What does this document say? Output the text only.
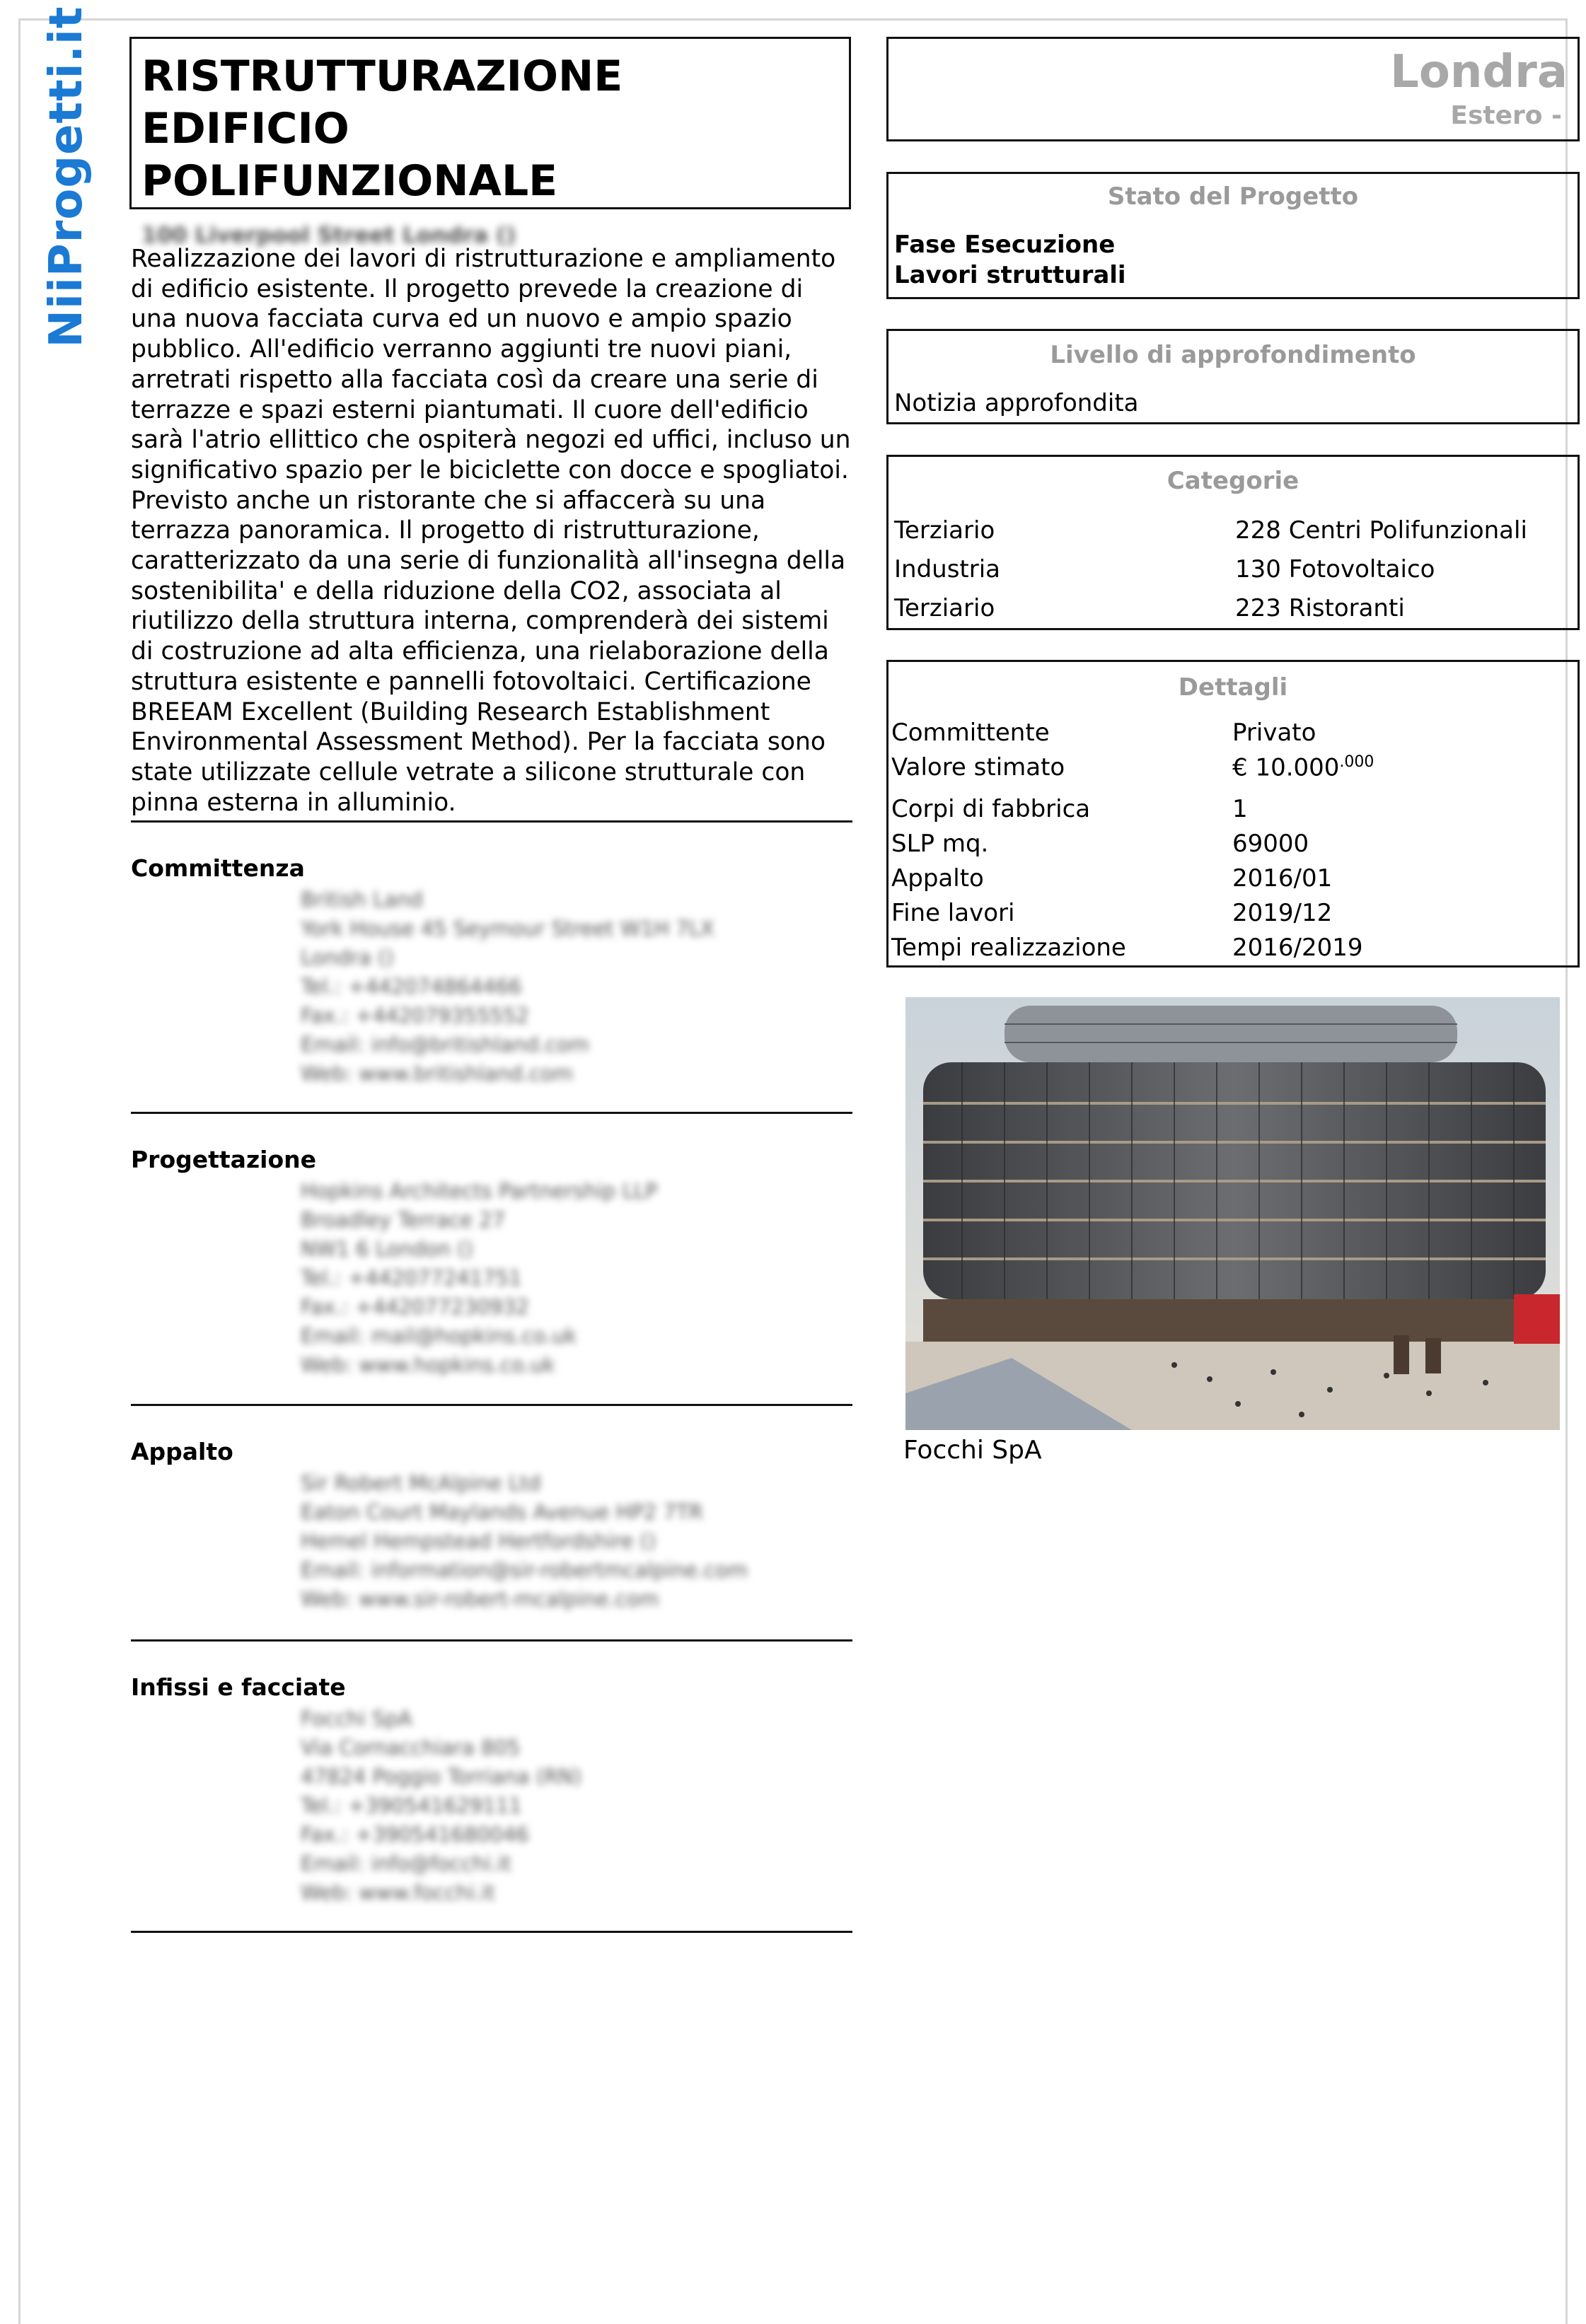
NiiProgetti.it RISTRUTTURAZIONE EDIFICIO
POLIFUNZIONALE
100 Liverpool Street Londra ()
Realizzazione dei lavori di ristrutturazione e ampliamento di edificio esistente. Il progetto prevede la creazione di una nuova facciata curva ed un nuovo e ampio spazio pubblico. All'edificio verranno aggiunti tre nuovi piani, arretrati rispetto alla facciata così da creare una serie di terrazze e spazi esterni piantumati. Il cuore dell'edificio sarà l'atrio ellittico che ospiterà negozi ed uffici, incluso un significativo spazio per le biciclette con docce e spogliatoi. Previsto anche un ristorante che si affaccerà su una terrazza panoramica. Il progetto di ristrutturazione, caratterizzato da una serie di funzionalità all'insegna della sostenibilita' e della riduzione della CO2, associata al riutilizzo della struttura interna, comprenderà dei sistemi di costruzione ad alta efficienza, una rielaborazione della struttura esistente e pannelli fotovoltaici. Certificazione BREEAM Excellent (Building Research Establishment Environmental Assessment Method). Per la facciata sono state utilizzate cellule vetrate a silicone strutturale con pinna esterna in alluminio.
Committenza
British Land
York House 45 Seymour Street W1H 7LX
Londra ()
Tel.: +442074864466
Fax.: +442079355552
Email: info@britishland.com
Web: www.britishland.com
Progettazione
Hopkins Architects Partnership LLP
Broadley Terrace 27
NW1 6 London ()
Tel.: +442077241751
Fax.: +442077230932
Email: mail@hopkins.co.uk
Web: www.hopkins.co.uk
Appalto
Sir Robert McAlpine Ltd
Eaton Court Maylands Avenue HP2 7TR
Hemel Hempstead Hertfordshire ()
Email: information@sir-robertmcalpine.com
Web: www.sir-robert-mcalpine.com
Infissi e facciate
Focchi SpA
Via Cornacchiara 805
47824 Poggio Torriana (RN)
Tel.: +390541629111
Fax.: +390541680046
Email: info@focchi.it
Web: www.focchi.it
Londra
Estero -
Stato del Progetto
Fase Esecuzione
Lavori strutturali
Livello di approfondimento
Notizia approfondita
Categorie
Terziario	228 Centri Polifunzionali
Industria	130 Fotovoltaico
Terziario	223 Ristoranti
Dettagli
Committente	Privato
Valore stimato	€ $10.000^{.000}$
Corpi di fabbrica	1
SLP mq.	69000
Appalto	2016/01
Fine lavori	2019/12
Tempi realizzazione	2016/2019
Focchi SpA
